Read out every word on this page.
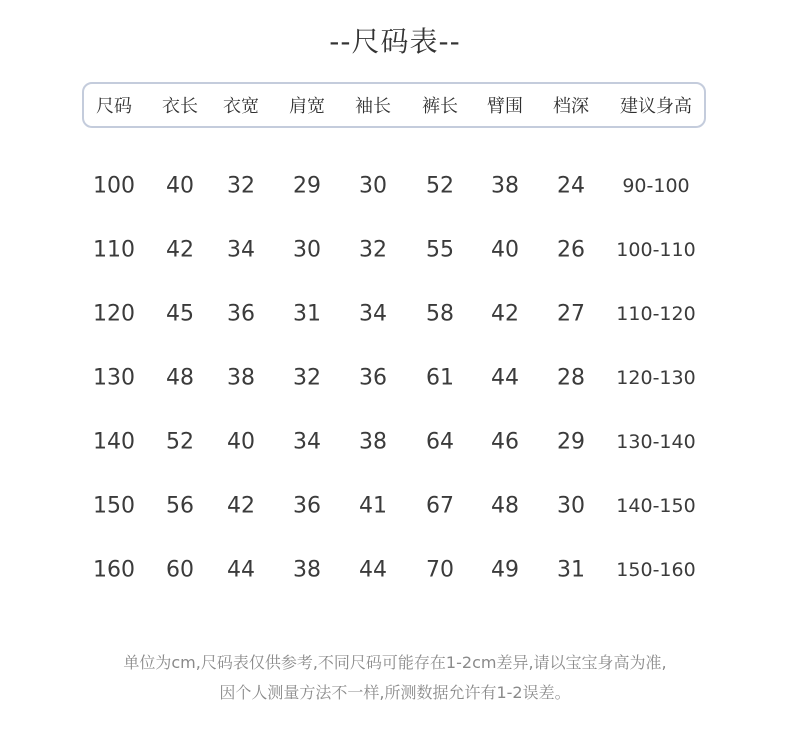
--尺码表--
尺码 衣长 衣宽 肩宽 袖长 裤长 臂围 档深 建议身高
100 40 32 29 30 52 38 24 90-100
110 42 34 30 32 55 40 26 100-110
120 45 36 31 34 58 42 27 110-120
130 48 38 32 36 61 44 28 120-130
140 52 40 34 38 64 46 29 130-140
150 56 42 36 41 67 48 30 140-150
160 60 44 38 44 70 49 31 150-160
单位为cm,尺码表仅供参考,不同尺码可能存在1-2cm差异,请以宝宝身高为准,
因个人测量方法不一样,所测数据允许有1-2误差。
